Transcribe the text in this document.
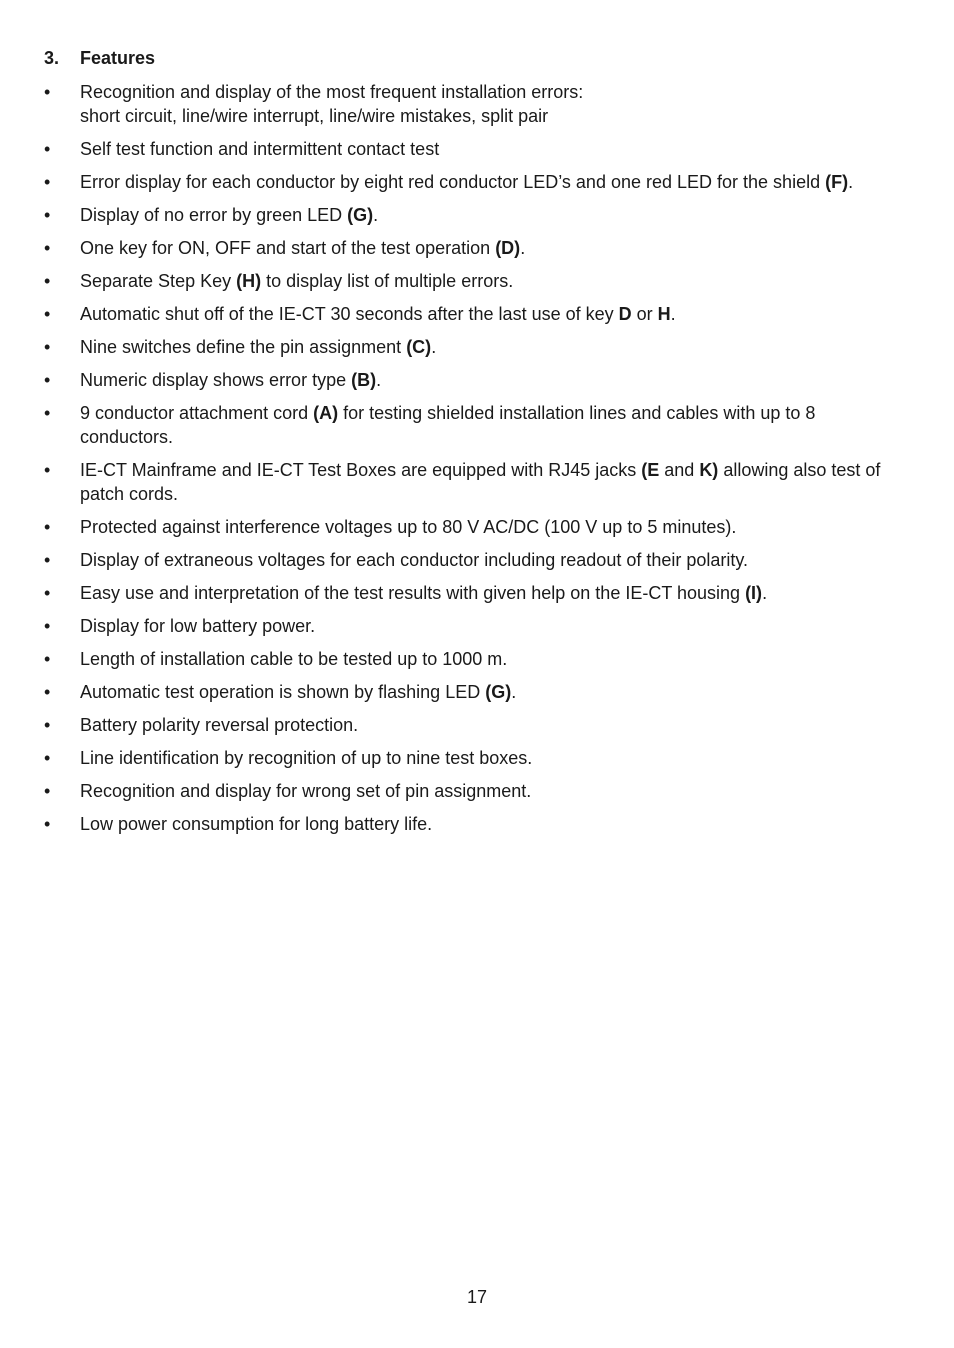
3. Features
•	Recognition and display of the most frequent installation errors:
short circuit, line/wire interrupt, line/wire mistakes, split pair
•	Self test function and intermittent contact test
•	Error display for each conductor by eight red conductor LED’s and one red LED for the shield (F).
•	Display of no error by green LED (G).
•	One key for ON, OFF and start of the test operation (D).
•	Separate Step Key (H) to display list of multiple errors.
•	Automatic shut off of the IE-CT 30 seconds after the last use of key D or H.
•	Nine switches define the pin assignment (C).
•	Numeric display shows error type (B).
•	9 conductor attachment cord (A) for testing shielded installation lines and cables with up to 8 conductors.
•	IE-CT Mainframe and IE-CT Test Boxes are equipped with RJ45 jacks (E and K) allowing also test of patch cords.
•	Protected against interference voltages up to 80 V AC/DC (100 V up to 5 minutes).
•	Display of extraneous voltages for each conductor including readout of their polarity.
•	Easy use and interpretation of the test results with given help on the IE-CT housing (I).
•	Display for low battery power.
•	Length of installation cable to be tested up to 1000 m.
•	Automatic test operation is shown by flashing LED (G).
•	Battery polarity reversal protection.
•	Line identification by recognition of up to nine test boxes.
•	Recognition and display for wrong set of pin assignment.
•	Low power consumption for long battery life.
17
